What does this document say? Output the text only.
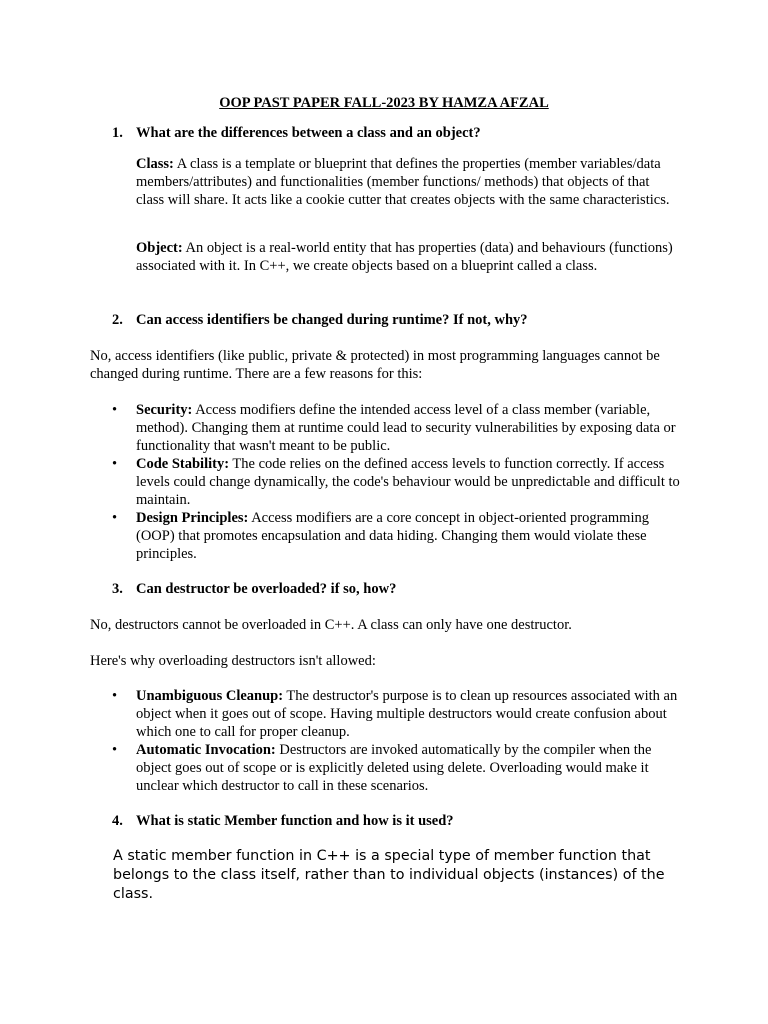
OOP PAST PAPER FALL-2023 BY HAMZA AFZAL
1. What are the differences between a class and an object?
Class: A class is a template or blueprint that defines the properties (member variables/data members/attributes) and functionalities (member functions/ methods) that objects of that class will share. It acts like a cookie cutter that creates objects with the same characteristics.
Object: An object is a real-world entity that has properties (data) and behaviours (functions) associated with it. In C++, we create objects based on a blueprint called a class.
2. Can access identifiers be changed during runtime? If not, why?
No, access identifiers (like public, private & protected) in most programming languages cannot be changed during runtime. There are a few reasons for this:
• Security: Access modifiers define the intended access level of a class member (variable, method). Changing them at runtime could lead to security vulnerabilities by exposing data or functionality that wasn't meant to be public.
• Code Stability: The code relies on the defined access levels to function correctly. If access levels could change dynamically, the code's behaviour would be unpredictable and difficult to maintain.
• Design Principles: Access modifiers are a core concept in object-oriented programming (OOP) that promotes encapsulation and data hiding. Changing them would violate these principles.
3. Can destructor be overloaded? if so, how?
No, destructors cannot be overloaded in C++. A class can only have one destructor.
Here's why overloading destructors isn't allowed:
• Unambiguous Cleanup: The destructor's purpose is to clean up resources associated with an object when it goes out of scope. Having multiple destructors would create confusion about which one to call for proper cleanup.
• Automatic Invocation: Destructors are invoked automatically by the compiler when the object goes out of scope or is explicitly deleted using delete. Overloading would make it unclear which destructor to call in these scenarios.
4. What is static Member function and how is it used?
A static member function in C++ is a special type of member function that belongs to the class itself, rather than to individual objects (instances) of the class.
